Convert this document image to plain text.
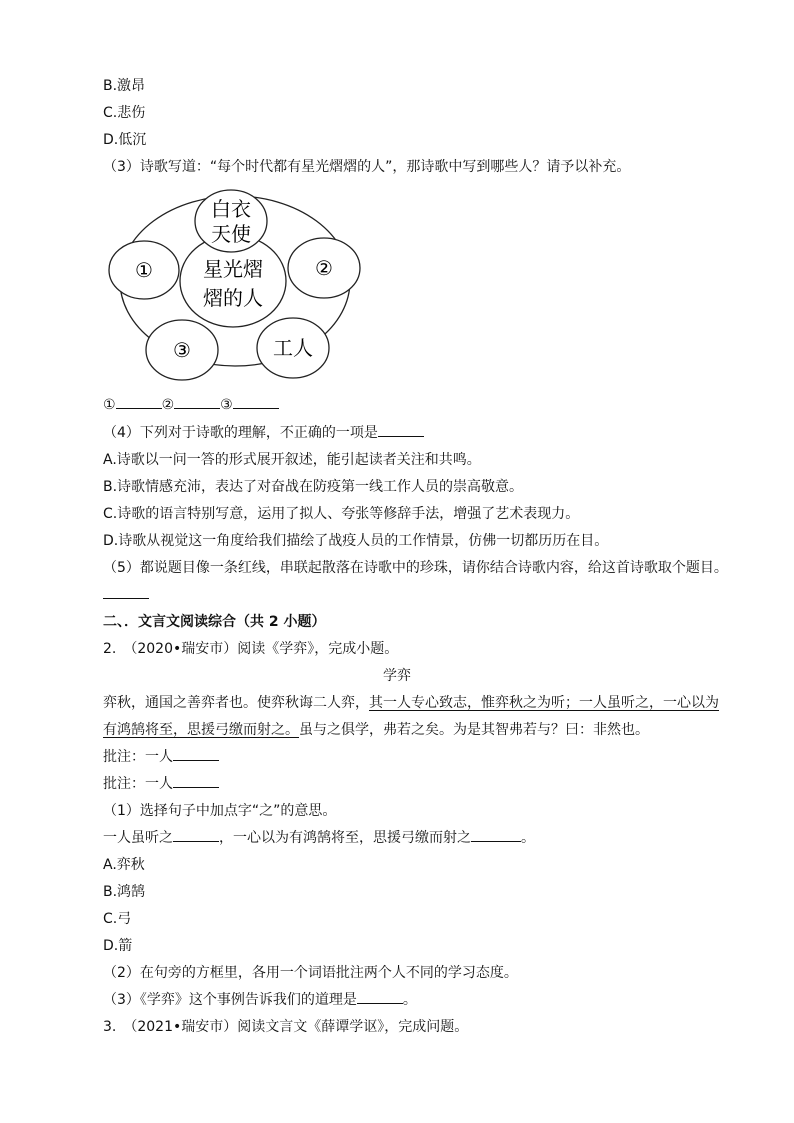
B.激昂
C.悲伤
D.低沉
（3）诗歌写道：“每个时代都有星光熠熠的人”，那诗歌中写到哪些人？请予以补充。
星光熠
熠的人
白衣
天使
①	②
③	工人
①	②	③
（4）下列对于诗歌的理解，不正确的一项是
A.诗歌以一问一答的形式展开叙述，能引起读者关注和共鸣。
B.诗歌情感充沛，表达了对奋战在防疫第一线工作人员的崇高敬意。
C.诗歌的语言特别写意，运用了拟人、夸张等修辞手法，增强了艺术表现力。
D.诗歌从视觉这一角度给我们描绘了战疫人员的工作情景，仿佛一切都历历在目。
（5）都说题目像一条红线，串联起散落在诗歌中的珍珠，请你结合诗歌内容，给这首诗歌取个题目。
二、．文言文阅读综合（共 2 小题）
2.　（2020•瑞安市）阅读《学弈》，完成小题。
学弈
弈秋，通国之善弈者也。使弈秋诲二人弈，其一人专心致志，惟弈秋之为听；一人虽听之，一心以为
有鸿鹄将至，思援弓缴而射之。虽与之俱学，弗若之矣。为是其智弗若与？曰：非然也。
批注：一人
批注：一人
（1）选择句子中加点字“之”的意思。
一人虽听之	，一心以为有鸿鹄将至，思援弓缴而射之	。
A.弈秋
B.鸿鹄
C.弓
D.箭
（2）在句旁的方框里，各用一个词语批注两个人不同的学习态度。
（3）《学弈》这个事例告诉我们的道理是	。
3.　（2021•瑞安市）阅读文言文《薛谭学讴》，完成问题。
